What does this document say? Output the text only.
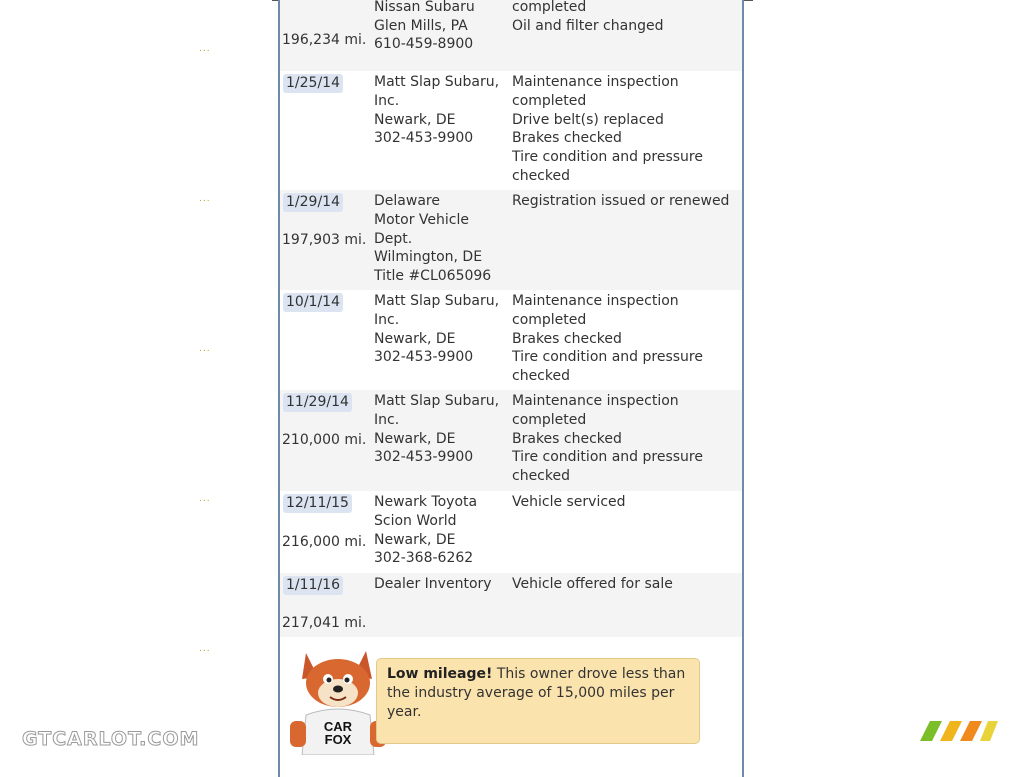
...
...
...
...
...
196,234 mi.
Nissan Subaru
Glen Mills, PA
610-459-8900
completed
Oil and filter changed
1/25/14 Matt Slap Subaru,
Inc.
Newark, DE
302-453-9900
Maintenance inspection
completed
Drive belt(s) replaced
Brakes checked
Tire condition and pressure
checked
1/29/14
197,903 mi.
Delaware
Motor Vehicle
Dept.
Wilmington, DE
Title #CL065096
Registration issued or renewed
10/1/14 Matt Slap Subaru,
Inc.
Newark, DE
302-453-9900
Maintenance inspection
completed
Brakes checked
Tire condition and pressure
checked
11/29/14
210,000 mi.
Matt Slap Subaru,
Inc.
Newark, DE
302-453-9900
Maintenance inspection
completed
Brakes checked
Tire condition and pressure
checked
12/11/15
216,000 mi.
Newark Toyota
Scion World
Newark, DE
302-368-6262
Vehicle serviced
1/11/16
217,041 mi.
Dealer Inventory	Vehicle offered for sale
CAR
FOX
Low mileage! This owner drove less than the industry average of 15,000 miles per year.
GTCARLOT.COM
